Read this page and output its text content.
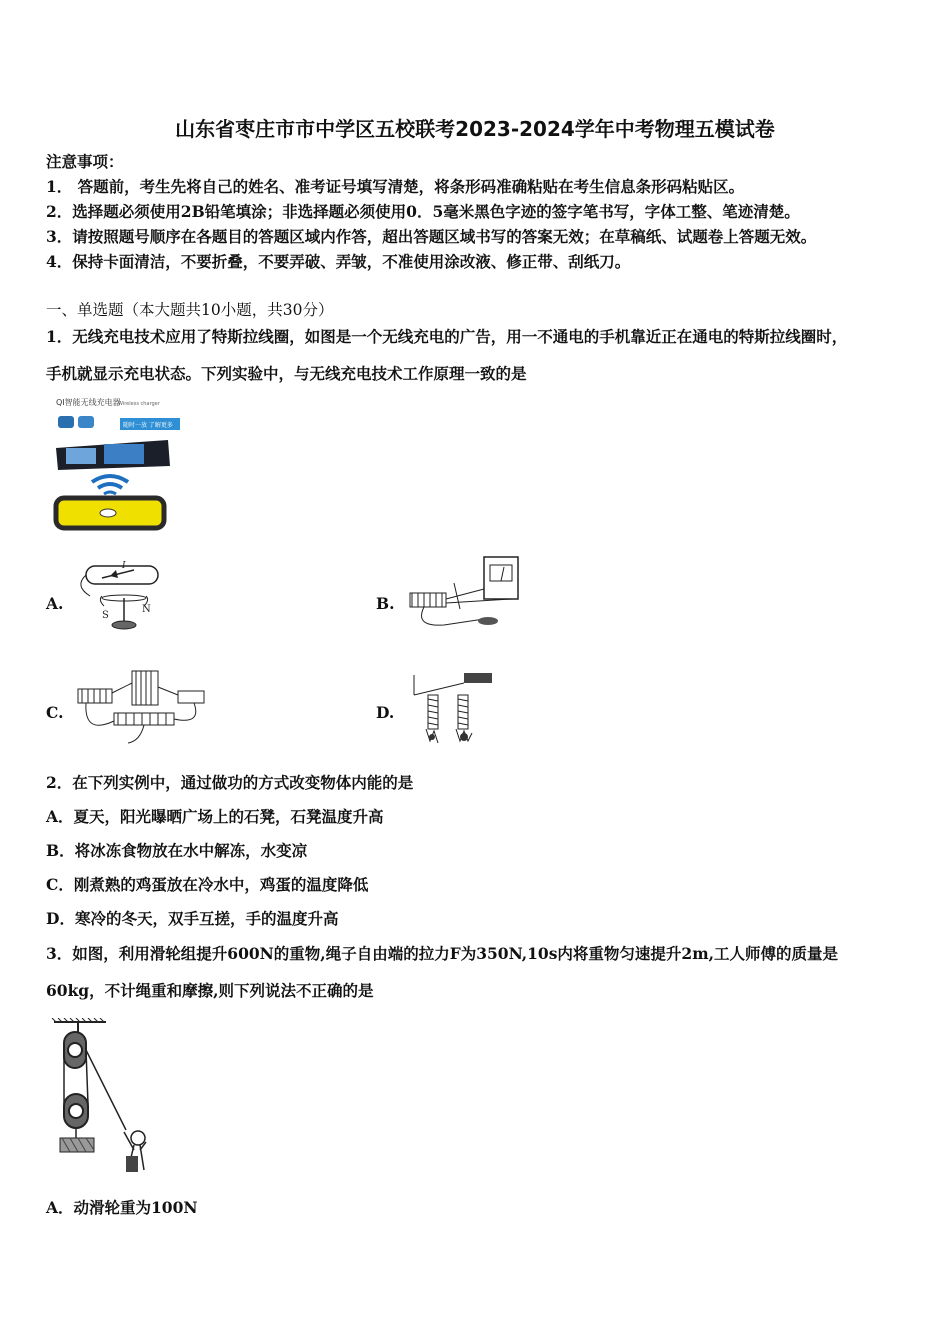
山东省枣庄市市中学区五校联考2023-2024学年中考物理五模试卷
注意事项：
1． 答题前，考生先将自己的姓名、准考证号填写清楚，将条形码准确粘贴在考生信息条形码粘贴区。
2．选择题必须使用2B铅笔填涂；非选择题必须使用0．5毫米黑色字迹的签字笔书写，字体工整、笔迹清楚。
3．请按照题号顺序在各题目的答题区域内作答，超出答题区域书写的答案无效；在草稿纸、试题卷上答题无效。
4．保持卡面清洁，不要折叠，不要弄破、弄皱，不准使用涂改液、修正带、刮纸刀。
一、单选题（本大题共10小题，共30分）
1．无线充电技术应用了特斯拉线圈，如图是一个无线充电的广告，用一不通电的手机靠近正在通电的特斯拉线圈时，
手机就显示充电状态。下列实验中，与无线充电技术工作原理一致的是
QI智能无线充电器
Wireless charger
随时一放 了解更多
A.
I
S
N	B.
C.	D.
2．在下列实例中，通过做功的方式改变物体内能的是
A．夏天，阳光曝晒广场上的石凳，石凳温度升高
B．将冰冻食物放在水中解冻，水变凉
C．刚煮熟的鸡蛋放在冷水中，鸡蛋的温度降低
D．寒冷的冬天，双手互搓，手的温度升高
3．如图，利用滑轮组提升600N的重物,绳子自由端的拉力F为350N,10s内将重物匀速提升2m,工人师傅的质量是
60kg，不计绳重和摩擦,则下列说法不正确的是
A．动滑轮重为100N
